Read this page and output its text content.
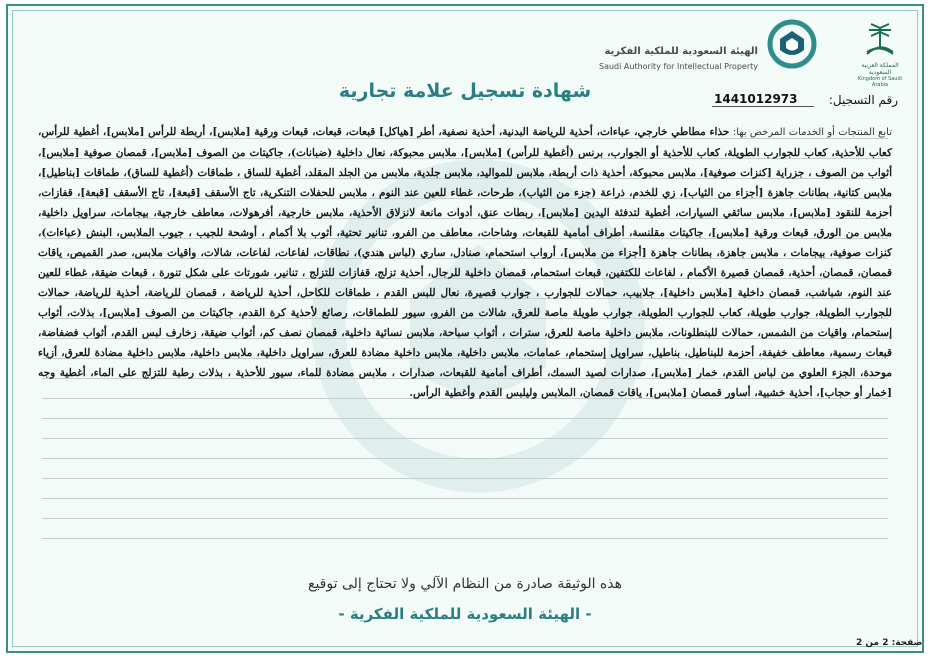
المملكة العربية السعودية
Kingdom of Saudi Arabia
الهيئة السعودية للملكية الفكرية
Saudi Authority for Intellectual Property
شهادة تسجيل علامة تجارية	رقم التسجيل:
1441012973
تابع المنتجات أو الخدمات المرخص بها: حذاء مطاطي خارجي، عباءات، أحذية للرياضة البدنية، أحذية نصفية، أطر [هياكل] قبعات، قبعات، قبعات ورقية [ملابس]، أربطة للرأس [ملابس]، أغطية للرأس، كعاب للأحذية، كعاب للجوارب الطويلة، كعاب للأحذية أو الجوارب، برنس (أغطية للرأس) [ملابس]، ملابس محبوكة، نعال داخلية (ضبانات)، جاكيتات من الصوف [ملابس]، قمصان صوفية [ملابس]، أثواب من الصوف ، جزراية [كنزات صوفية]، ملابس محبوكة، أحذية ذات أربطة، ملابس للمواليد، ملابس جلدية، ملابس من الجلد المقلد، أغطية للساق ، طماقات (أغطية للساق)، طماقات [بناطيل]، ملابس كتانية، بطانات جاهزة [أجزاء من الثياب]، زي للخدم، ذراعة (جزء من الثياب)، طرحات، غطاء للعين عند النوم ، ملابس للحفلات التنكرية، تاج الأسقف [قبعة]، تاج الأسقف [قبعة]، قفازات، أحزمة للنقود [ملابس]، ملابس سائقي السيارات، أغطية لتدفئة اليدين [ملابس]، ربطات عنق، أدوات مانعة لانزلاق الأحذية، ملابس خارجية، أفرهولات، معاطف خارجية، بيجامات، سراويل داخلية، ملابس من الورق، قبعات ورقية [ملابس]، جاكيتات مقلنسة، أطراف أمامية للقبعات، وشاحات، معاطف من الفرو، تنانير تحتية، أثوب بلا أكمام ، أوشحة للجيب ، جيوب الملابس، البنش (عباءات)، كنزات صوفية، بيجامات ، ملابس جاهزة، بطانات جاهزة [أجزاء من ملابس]، أرواب استحمام، صنادل، ساري (لباس هندي)، نطاقات، لفاعات، لفاعات، شالات، واقيات ملابس، صدر القميص، ياقات قمصان، قمصان، أحذية، قمصان قصيرة الأكمام ، لفاعات للكتفين، قبعات استحمام، قمصان داخلية للرجال، أحذية تزلج، قفازات للتزلج ، تنانير، شورتات على شكل تنورة ، قبعات ضيقة، غطاء للعين عند النوم، شباشب، قمصان داخلية [ملابس داخلية]، جلابيب، حمالات للجوارب ، جوارب قصيرة، نعال للبس القدم ، طماقات للكاحل، أحذية للرياضة ، قمصان للرياضة، أحذية للرياضة، حمالات للجوارب الطويلة، جوارب طويلة، كعاب للجوارب الطويلة، جوارب طويلة ماصة للعرق، شالات من الفرو، سيور للطماقات، رصائع لأحذية كرة القدم، جاكيتات من الصوف [ملابس]، بذلات، أثواب إستحمام، واقيات من الشمس، حمالات للبنطلونات، ملابس داخلية ماصة للعرق، سترات ، أثواب سباحة، ملابس نسائية داخلية، قمصان نصف كم، أثواب ضيقة، زخارف لبس القدم، أثواب فضفاضة، قبعات رسمية، معاطف خفيفة، أحزمة للبناطيل، بناطيل، سراويل إستحمام، عمامات، ملابس داخلية، ملابس داخلية مضادة للعرق، سراويل داخلية، ملابس داخلية، ملابس داخلية مضادة للعرق، أزياء موحدة، الجزء العلوي من لباس القدم، خمار [ملابس]، صدارات لصيد السمك، أطراف أمامية للقبعات، صدارات ، ملابس مضادة للماء، سيور للأحذية ، بذلات رطبة للتزلج على الماء، أغطية وجه [خمار أو حجاب]، أحذية خشبية، أساور قمصان [ملابس]، ياقات قمصان، الملابس وليلبس القدم وأغطية الرأس.
هذه الوثيقة صادرة من النظام الآلي ولا تحتاج إلى توقيع
- الهيئة السعودية للملكية الفكرية -
صفحة: 2 من 2
